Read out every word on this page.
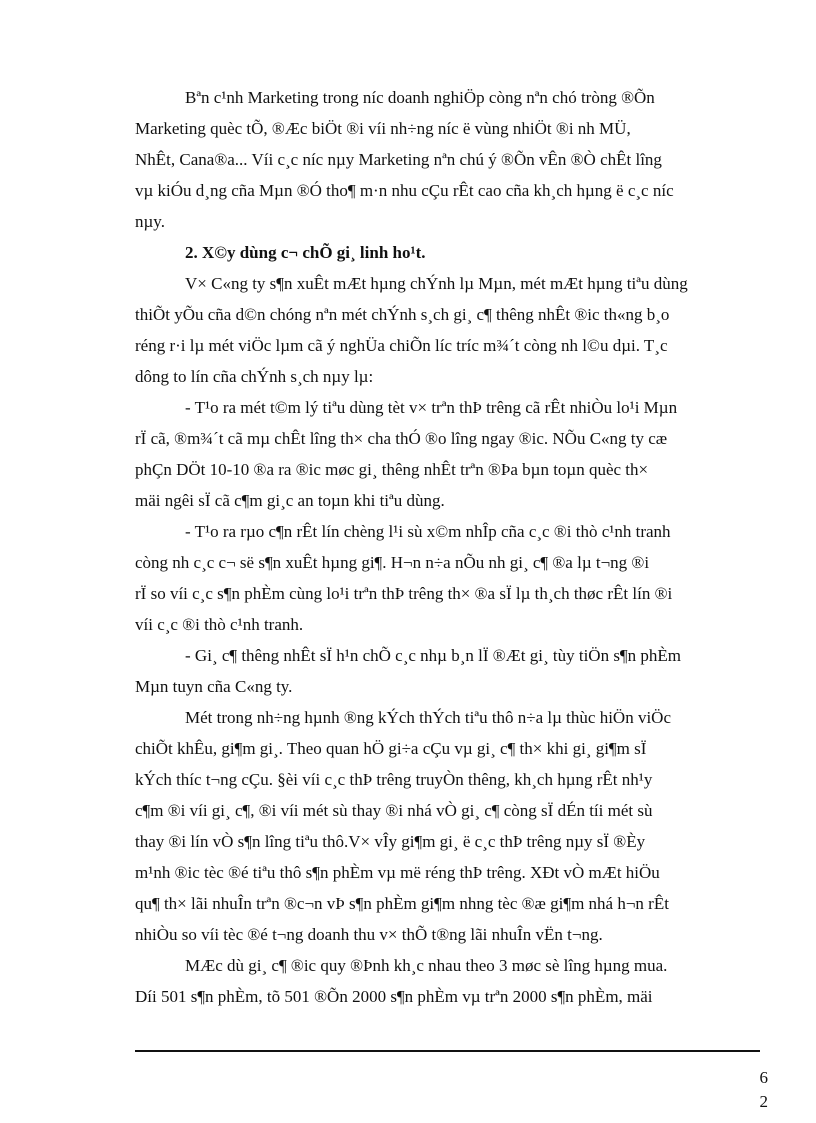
Bªn c¹nh Marketing trong níc doanh nghiÖp còng nªn chó tròng ®Õn
Marketing quèc tÕ, ®Æc biÖt ®i víi nh÷ng níc ë vùng nhiÖt ®i nh MÜ,
NhÊt, Cana®a... Víi c¸c níc nµy Marketing nªn chú ý ®Õn vÊn ®Ò chÊt lîng
vµ kiÓu d¸ng cña Mµn ®Ó tho¶ m·n nhu cÇu rÊt cao cña kh¸ch hµng ë c¸c níc
nµy.

2. X©y dùng c¬ chÕ gi¸ linh ho¹t.

V× C«ng ty s¶n xuÊt mÆt hµng chÝnh lµ Mµn, mét mÆt hµng tiªu dùng
thiÕt yÕu cña d©n chóng nªn mét chÝnh s¸ch gi¸ c¶ thêng nhÊt ®ic th«ng b¸o
réng r·i lµ mét viÖc lµm cã ý nghÜa chiÕn líc tríc m¾´t còng nh l©u dµi. T¸c
dông to lín cña chÝnh s¸ch nµy lµ:

- T¹o ra mét t©m lý tiªu dùng tèt v× trªn thÞ trêng cã rÊt nhiÒu lo¹i Mµn
rÏ cã, ®m¾´t cã mµ chÊt lîng th× cha thÓ ®o lîng ngay ®ic. NÕu C«ng ty cæ
phÇn DÖt 10-10 ®a ra ®ic møc gi¸ thêng nhÊt trªn ®Þa bµn toµn quèc th×
mäi ngêi sÏ cã c¶m gi¸c an toµn khi tiªu dùng.

- T¹o ra rµo c¶n rÊt lín chèng l¹i sù x©m nhÎp cña c¸c ®i thò c¹nh tranh
còng nh c¸c c¬ së s¶n xuÊt hµng gi¶. H¬n n÷a nÕu nh gi¸ c¶ ®a lµ t¬ng ®i
rÏ so víi c¸c s¶n phÈm cùng lo¹i trªn thÞ trêng th× ®a sÏ lµ th¸ch thøc rÊt lín ®i
víi c¸c ®i thò c¹nh tranh.

- Gi¸ c¶ thêng nhÊt sÏ h¹n chÕ c¸c nhµ b¸n lÏ ®Æt gi¸ tùy tiÖn s¶n phÈm
Mµn tuyn cña C«ng ty.

Mét trong nh÷ng hµnh ®ng kÝch thÝch tiªu thô n÷a lµ thùc hiÖn viÖc
chiÕt khÊu, gi¶m gi¸. Theo quan hÖ gi÷a cÇu vµ gi¸ c¶ th× khi gi¸ gi¶m sÏ
kÝch thíc t¬ng cÇu. §èi víi c¸c thÞ trêng truyÒn thêng, kh¸ch hµng rÊt nh¹y
c¶m ®i víi gi¸ c¶, ®i víi mét sù thay ®i nhá vÒ gi¸ c¶ còng sÏ dÉn tíi mét sù
thay ®i lín vÒ s¶n lîng tiªu thô.V× vÎy gi¶m gi¸ ë c¸c thÞ trêng nµy sÏ ®Èy
m¹nh ®ic tèc ®é tiªu thô s¶n phÈm vµ më réng thÞ trêng. XÐt vÒ mÆt hiÖu
qu¶ th× lãi nhuÎn trªn ®c¬n vÞ s¶n phÈm gi¶m nhng tèc ®æ gi¶m nhá h¬n rÊt
nhiÒu so víi tèc ®é t¬ng doanh thu v× thÕ t®ng lãi nhuÎn vËn t¬ng.

MÆc dù gi¸ c¶ ®ic quy ®Þnh kh¸c nhau theo 3 møc sè lîng hµng mua.
Díi 501 s¶n phÈm, tõ 501 ®Õn 2000 s¶n phÈm vµ trªn 2000 s¶n phÈm, mäi

6
2
